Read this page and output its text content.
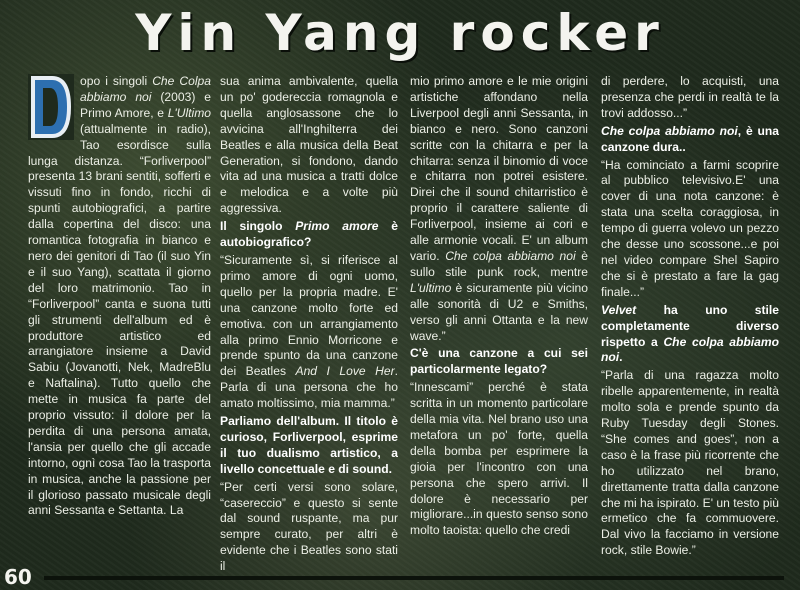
Yin Yang rocker

opo i singoli Che Colpa abbiamo noi (2003) e Primo Amore, e L'Ultimo (attualmente in radio), Tao esordisce sulla lunga distanza. “Forliverpool” presenta 13 brani sentiti, sofferti e vissuti fino in fondo, ricchi di spunti autobiografici, a partire dalla copertina del disco: una romantica fotografia in bianco e nero dei genitori di Tao (il suo Yin e il suo Yang), scattata il giorno del loro matrimonio. Tao in “Forliverpool” canta e suona tutti gli strumenti dell'album ed è produttore artistico ed arrangiatore insieme a David Sabiu (Jovanotti, Nek, MadreBlu e Naftalina). Tutto quello che mette in musica fa parte del proprio vissuto: il dolore per la perdita di una persona amata, l'ansia per quello che gli accade intorno, ognì cosa Tao la trasporta in musica, anche la passione per il glorioso passato musicale degli anni Sessanta e Settanta. La

sua anima ambivalente, quella un po' godereccia romagnola e quella anglosassone che lo avvicina all'Inghilterra dei Beatles e alla musica della Beat Generation, si fondono, dando vita ad una musica a tratti dolce e melodica e a volte più aggressiva.

Il singolo Primo amore è autobiografico?

“Sicuramente sì, si riferisce al primo amore di ogni uomo, quello per la propria madre. E' una canzone molto forte ed emotiva. con un arrangiamento alla primo Ennio Morricone e prende spunto da una canzone dei Beatles And I Love Her. Parla di una persona che ho amato moltissimo, mia mamma.”

Parliamo dell'album. Il titolo è curioso, Forliverpool, esprime il tuo dualismo artistico, a livello concettuale e di sound.

“Per certi versi sono solare, “casereccio” e questo si sente dal sound ruspante, ma pur sempre curato, per altri è evidente che i Beatles sono stati il

mio primo amore e le mie origini artistiche affondano nella Liverpool degli anni Sessanta, in bianco e nero. Sono canzoni scritte con la chitarra e per la chitarra: senza il binomio di voce e chitarra non potrei esistere. Direi che il sound chitarristico è proprio il carattere saliente di Forliverpool, insieme ai cori e alle armonie vocali. E' un album vario. Che colpa abbiamo noi è sullo stile punk rock, mentre L'ultimo è sicuramente più vicino alle sonorità di U2 e Smiths, verso gli anni Ottanta e la new wave.”

C'è una canzone a cui sei particolarmente legato?

“Innescami” perché è stata scritta in un momento particolare della mia vita. Nel brano uso una metafora un po' forte, quella della bomba per esprimere la gioia per l'incontro con una persona che spero arrivi. Il dolore è necessario per migliorare...in questo senso sono molto taoista: quello che credi

di perdere, lo acquisti, una presenza che perdi in realtà te la trovi addosso...”

Che colpa abbiamo noi, è una canzone dura..

“Ha cominciato a farmi scoprire al pubblico televisivo.E' una cover di una nota canzone: è stata una scelta coraggiosa, in tempo di guerra volevo un pezzo che desse uno scossone...e poi nel video compare Shel Sapiro che si è prestato a fare la gag finale...”

Velvet ha uno stile completamente diverso rispetto a Che colpa abbiamo noi.

“Parla di una ragazza molto ribelle apparentemente, in realtà molto sola e prende spunto da Ruby Tuesday degli Stones. “She comes and goes”, non a caso è la frase più ricorrente che ho utilizzato nel brano, direttamente tratta dalla canzone che mi ha ispirato. E' un testo più ermetico che fa commuovere. Dal vivo la facciamo in versione rock, stile Bowie.”

60
